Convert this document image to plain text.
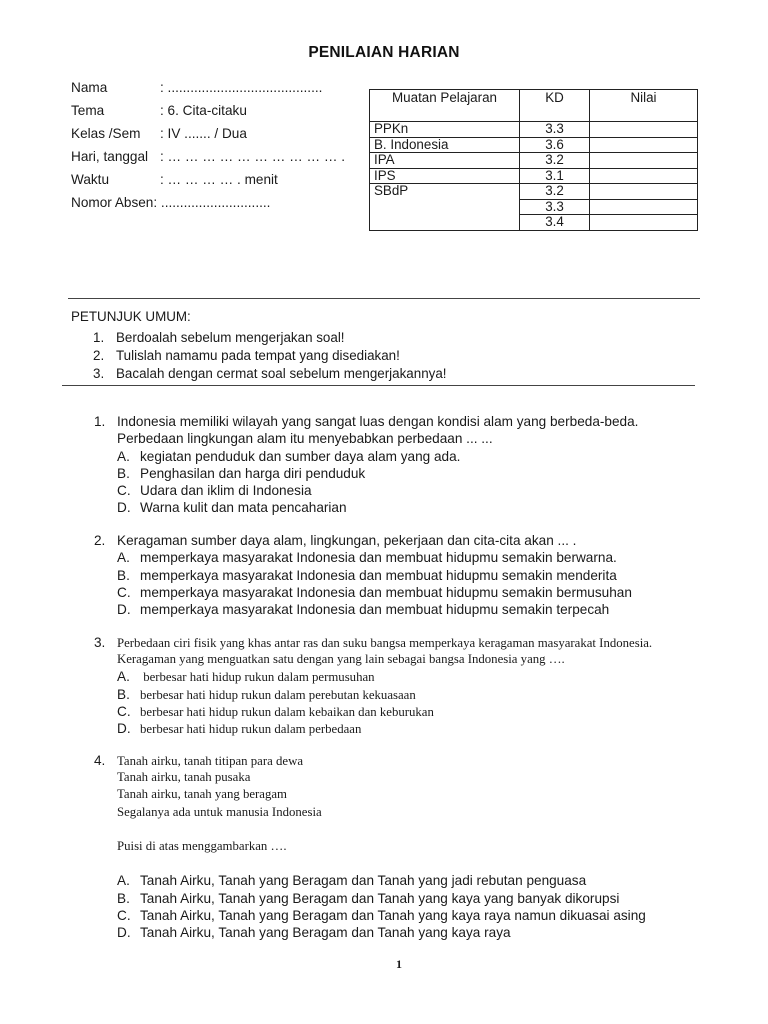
PENILAIAN HARIAN
Nama	: .........................................
Tema	: 6. Cita-citaku
Kelas /Sem : IV ....... / Dua
Hari, tanggal : … … … … … … … … … … .
Waktu	: … … … … . menit
Nomor Absen: .............................
Muatan Pelajaran	KD	Nilai
PPKn	3.3	
B. Indonesia	3.6	
IPA	3.2	
IPS	3.1	
SBdP	3.2	
	3.3	
	3.4	
PETUNJUK UMUM:
1. Berdoalah sebelum mengerjakan soal!
2. Tulislah namamu pada tempat yang disediakan!
3. Bacalah dengan cermat soal sebelum mengerjakannya!
1. Indonesia memiliki wilayah yang sangat luas dengan kondisi alam yang berbeda-beda.
Perbedaan lingkungan alam itu menyebabkan perbedaan ... ...
A. kegiatan penduduk dan sumber daya alam yang ada.
B. Penghasilan dan harga diri penduduk
C. Udara dan iklim di Indonesia
D. Warna kulit dan mata pencaharian
2. Keragaman sumber daya alam, lingkungan, pekerjaan dan cita-cita akan ... .
A. memperkaya masyarakat Indonesia dan membuat hidupmu semakin berwarna.
B. memperkaya masyarakat Indonesia dan membuat hidupmu semakin menderita
C. memperkaya masyarakat Indonesia dan membuat hidupmu semakin bermusuhan
D. memperkaya masyarakat Indonesia dan membuat hidupmu semakin terpecah
3. Perbedaan ciri fisik yang khas antar ras dan suku bangsa memperkaya keragaman masyarakat Indonesia.
Keragaman yang menguatkan satu dengan yang lain sebagai bangsa Indonesia yang ….
A. berbesar hati hidup rukun dalam permusuhan
B. berbesar hati hidup rukun dalam perebutan kekuasaan
C. berbesar hati hidup rukun dalam kebaikan dan keburukan
D. berbesar hati hidup rukun dalam perbedaan
4. Tanah airku, tanah titipan para dewa
Tanah airku, tanah pusaka
Tanah airku, tanah yang beragam
Segalanya ada untuk manusia Indonesia
Puisi di atas menggambarkan ….
A. Tanah Airku, Tanah yang Beragam dan Tanah yang jadi rebutan penguasa
B. Tanah Airku, Tanah yang Beragam dan Tanah yang kaya yang banyak dikorupsi
C. Tanah Airku, Tanah yang Beragam dan Tanah yang kaya raya namun dikuasai asing
D. Tanah Airku, Tanah yang Beragam dan Tanah yang kaya raya
1
